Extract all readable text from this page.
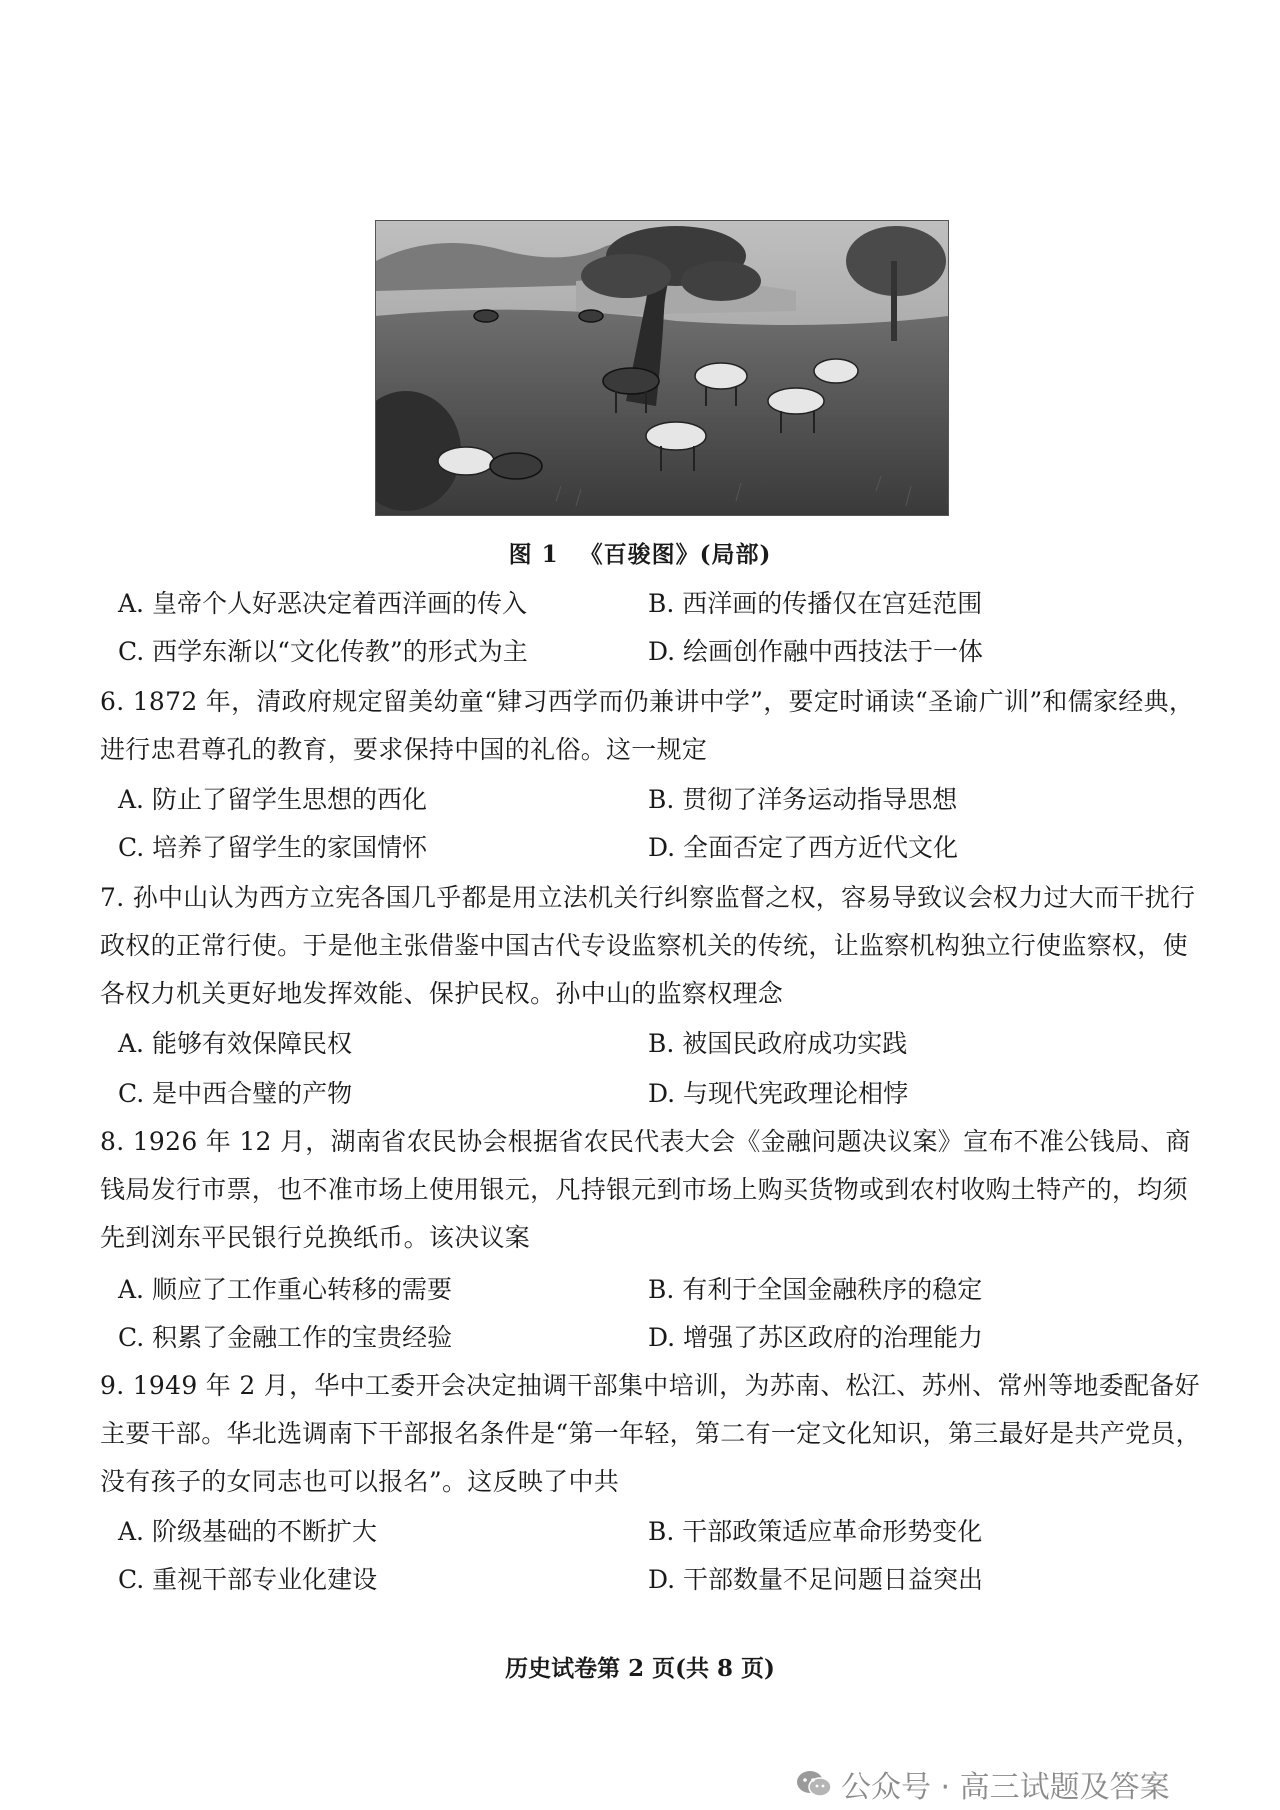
图 1 《百骏图》(局部)
A. 皇帝个人好恶决定着西洋画的传入	B. 西洋画的传播仅在宫廷范围
C. 西学东渐以“文化传教”的形式为主	D. 绘画创作融中西技法于一体
6. 1872 年，清政府规定留美幼童“肄习西学而仍兼讲中学”，要定时诵读“圣谕广训”和儒家经典，进行忠君尊孔的教育，要求保持中国的礼俗。这一规定
A. 防止了留学生思想的西化	B. 贯彻了洋务运动指导思想
C. 培养了留学生的家国情怀	D. 全面否定了西方近代文化
7. 孙中山认为西方立宪各国几乎都是用立法机关行纠察监督之权，容易导致议会权力过大而干扰行政权的正常行使。于是他主张借鉴中国古代专设监察机关的传统，让监察机构独立行使监察权，使各权力机关更好地发挥效能、保护民权。孙中山的监察权理念
A. 能够有效保障民权	B. 被国民政府成功实践
C. 是中西合璧的产物	D. 与现代宪政理论相悖
8. 1926 年 12 月，湖南省农民协会根据省农民代表大会《金融问题决议案》宣布不准公钱局、商钱局发行市票，也不准市场上使用银元，凡持银元到市场上购买货物或到农村收购土特产的，均须先到浏东平民银行兑换纸币。该决议案
A. 顺应了工作重心转移的需要	B. 有利于全国金融秩序的稳定
C. 积累了金融工作的宝贵经验	D. 增强了苏区政府的治理能力
9. 1949 年 2 月，华中工委开会决定抽调干部集中培训，为苏南、松江、苏州、常州等地委配备好主要干部。华北选调南下干部报名条件是“第一年轻，第二有一定文化知识，第三最好是共产党员，没有孩子的女同志也可以报名”。这反映了中共
A. 阶级基础的不断扩大	B. 干部政策适应革命形势变化
C. 重视干部专业化建设	D. 干部数量不足问题日益突出
历史试卷第 2 页(共 8 页)
公众号 · 高三试题及答案
